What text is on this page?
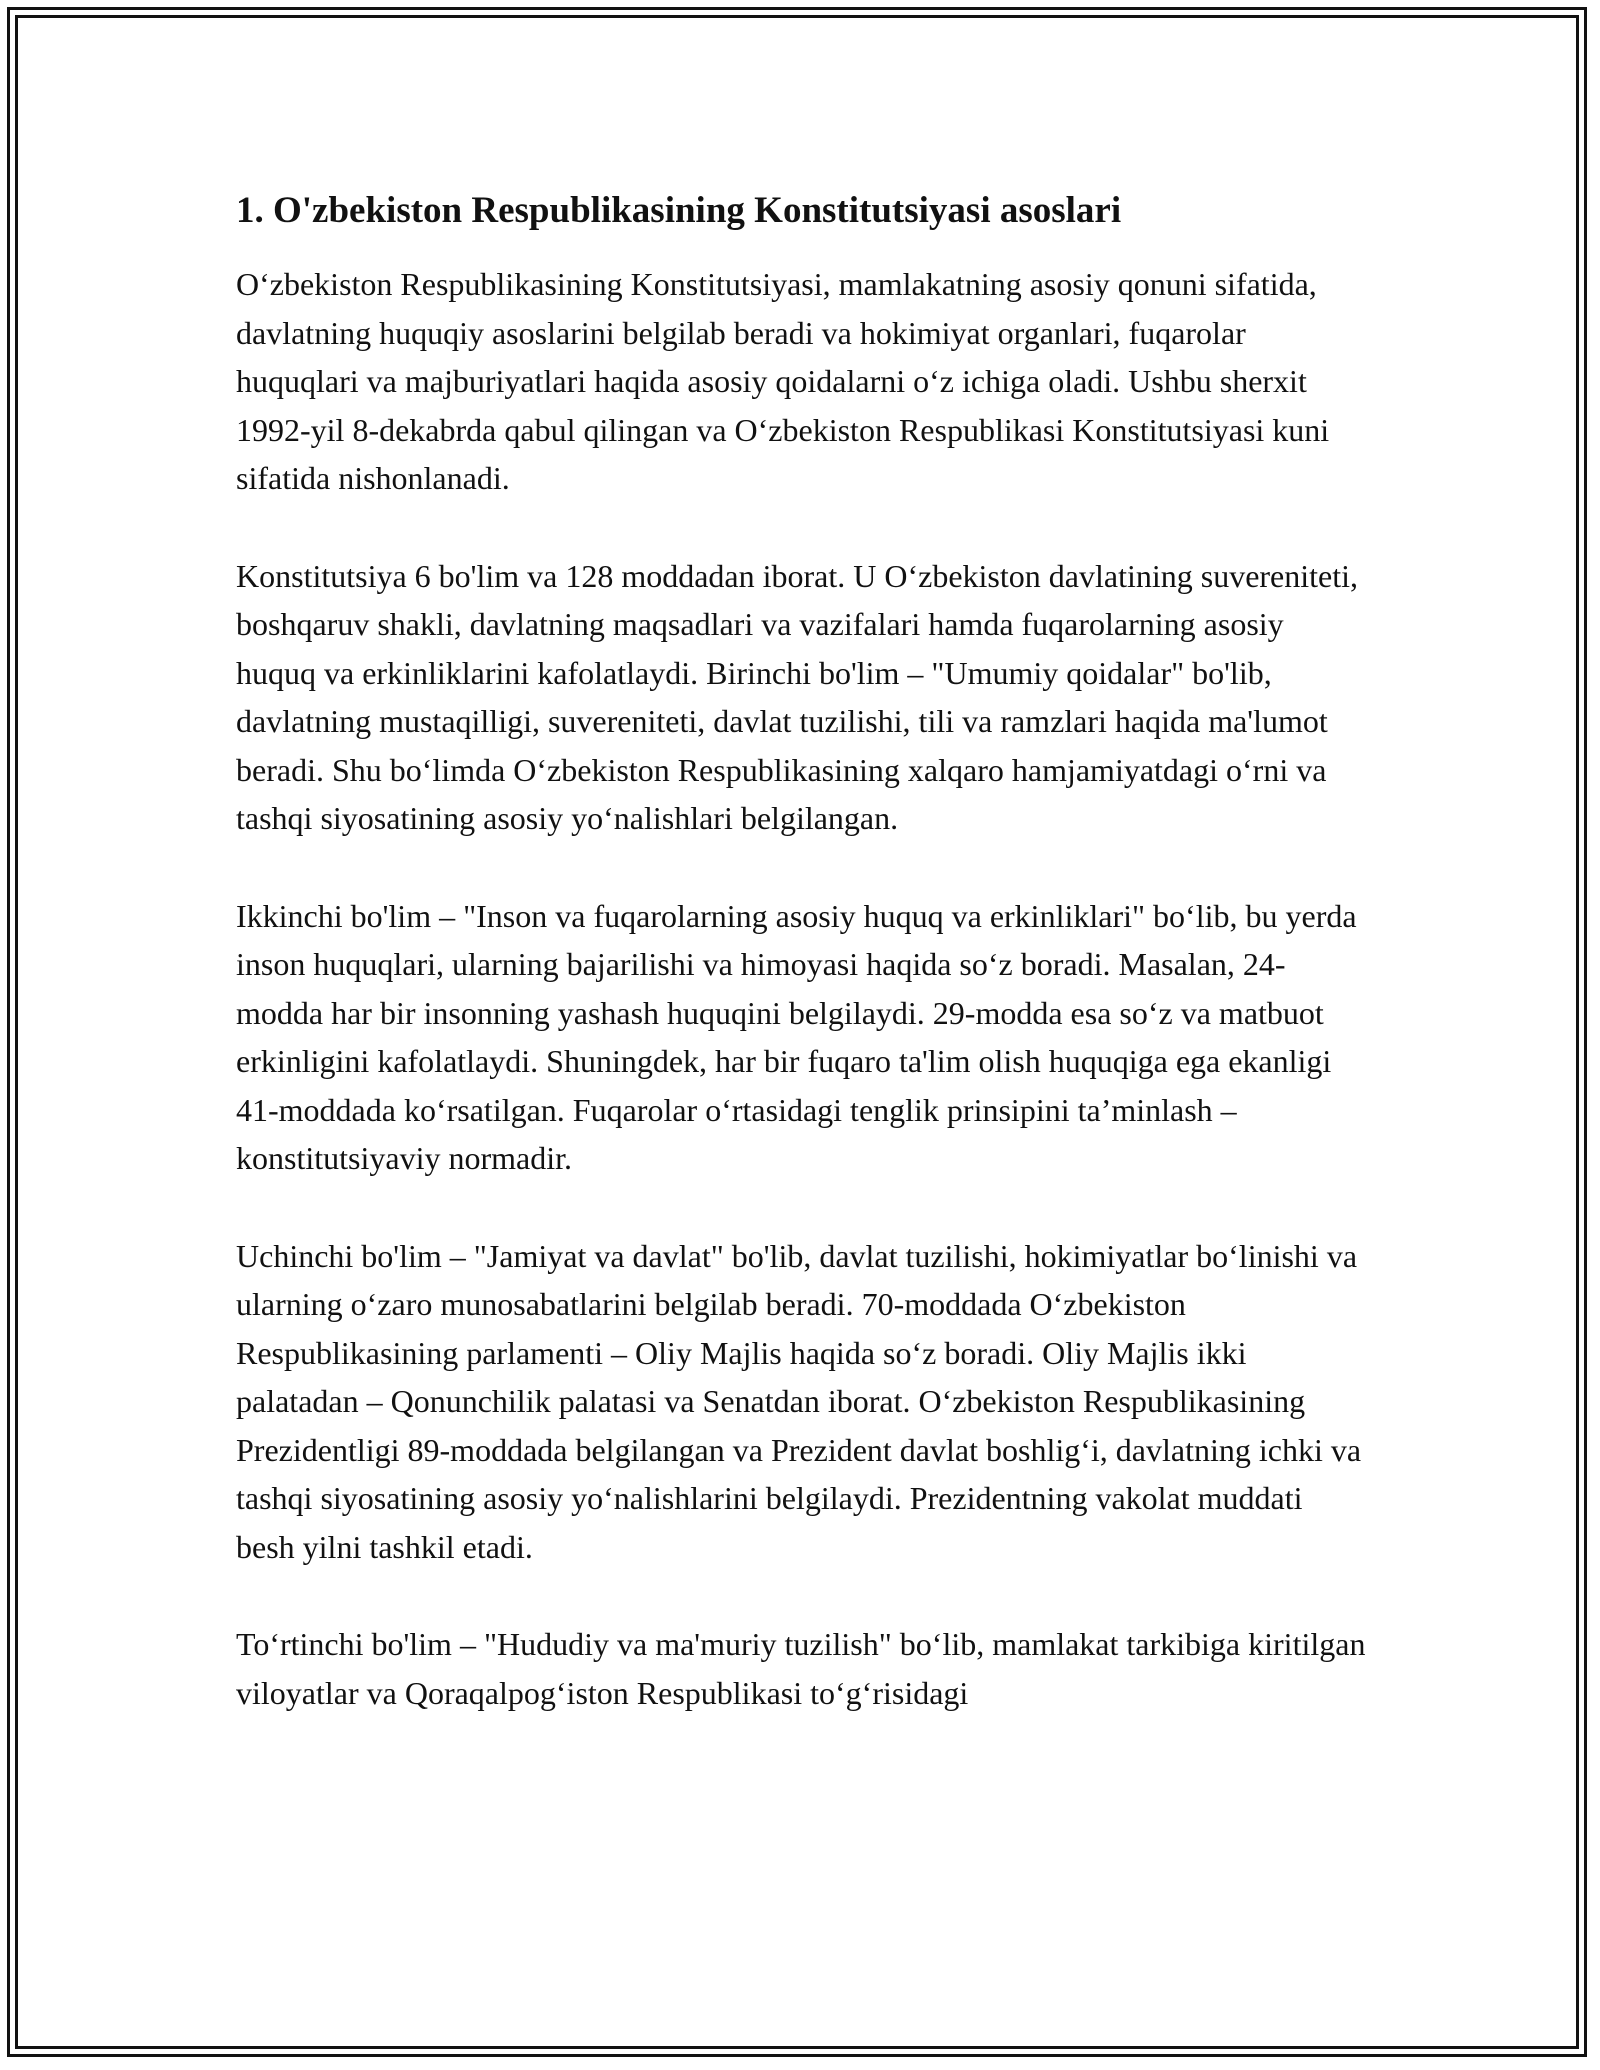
1. O'zbekiston Respublikasining Konstitutsiyasi asoslari

O‘zbekiston Respublikasining Konstitutsiyasi, mamlakatning asosiy qonuni sifatida, davlatning huquqiy asoslarini belgilab beradi va hokimiyat organlari, fuqarolar huquqlari va majburiyatlari haqida asosiy qoidalarni o‘z ichiga oladi. Ushbu sherxit 1992-yil 8-dekabrda qabul qilingan va O‘zbekiston Respublikasi Konstitutsiyasi kuni sifatida nishonlanadi.

Konstitutsiya 6 bo'lim va 128 moddadan iborat. U O‘zbekiston davlatining suvereniteti, boshqaruv shakli, davlatning maqsadlari va vazifalari hamda fuqarolarning asosiy huquq va erkinliklarini kafolatlaydi. Birinchi bo'lim – "Umumiy qoidalar" bo'lib, davlatning mustaqilligi, suvereniteti, davlat tuzilishi, tili va ramzlari haqida ma'lumot beradi. Shu bo‘limda O‘zbekiston Respublikasining xalqaro hamjamiyatdagi o‘rni va tashqi siyosatining asosiy yo‘nalishlari belgilangan.

Ikkinchi bo'lim – "Inson va fuqarolarning asosiy huquq va erkinliklari" bo‘lib, bu yerda inson huquqlari, ularning bajarilishi va himoyasi haqida so‘z boradi. Masalan, 24-modda har bir insonning yashash huquqini belgilaydi. 29-modda esa so‘z va matbuot erkinligini kafolatlaydi. Shuningdek, har bir fuqaro ta'lim olish huquqiga ega ekanligi 41-moddada ko‘rsatilgan. Fuqarolar o‘rtasidagi tenglik prinsipini ta’minlash – konstitutsiyaviy normadir.

Uchinchi bo'lim – "Jamiyat va davlat" bo'lib, davlat tuzilishi, hokimiyatlar bo‘linishi va ularning o‘zaro munosabatlarini belgilab beradi. 70-moddada O‘zbekiston Respublikasining parlamenti – Oliy Majlis haqida so‘z boradi. Oliy Majlis ikki palatadan – Qonunchilik palatasi va Senatdan iborat. O‘zbekiston Respublikasining Prezidentligi 89-moddada belgilangan va Prezident davlat boshlig‘i, davlatning ichki va tashqi siyosatining asosiy yo‘nalishlarini belgilaydi. Prezidentning vakolat muddati besh yilni tashkil etadi.

To‘rtinchi bo'lim – "Hududiy va ma'muriy tuzilish" bo‘lib, mamlakat tarkibiga kiritilgan viloyatlar va Qoraqalpog‘iston Respublikasi to‘g‘risidagi
